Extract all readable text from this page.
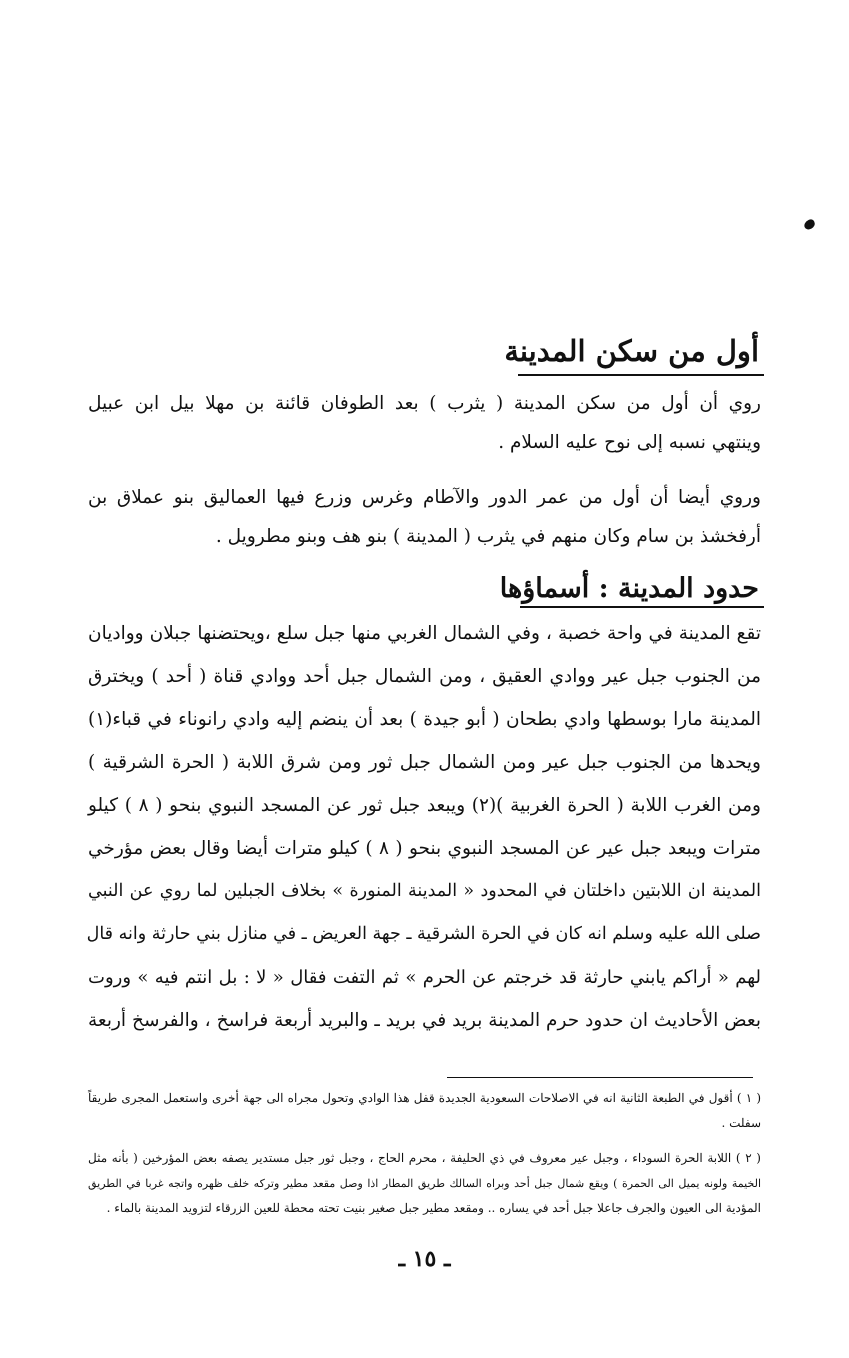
أول من سكن المدينة

روي أن أول من سكن المدينة ( يثرب ) بعد الطوفان قائنة بن مهلا بيل ابن عبيل
وينتهي نسبه إلى نوح عليه السلام .

وروي أيضا أن أول من عمر الدور والآطام وغرس وزرع فيها العماليق بنو عملاق بن
أرفخشذ بن سام وكان منهم في يثرب ( المدينة ) بنو هف وبنو مطرويل .

حدود المدينة : أسماؤها

تقع المدينة في واحة خصبة ، وفي الشمال الغربي منها جبل سلع ،ويحتضنها جبلان وواديان
من الجنوب جبل عير ووادي العقيق ، ومن الشمال جبل أحد ووادي قناة ( أحد ) ويخترق
المدينة مارا بوسطها وادي بطحان ( أبو جيدة ) بعد أن ينضم إليه وادي رانوناء في قباء(١)
ويحدها من الجنوب جبل عير ومن الشمال جبل ثور ومن شرق اللابة ( الحرة الشرقية )
ومن الغرب اللابة ( الحرة الغربية )(٢) ويبعد جبل ثور عن المسجد النبوي بنحو ( ٨ ) كيلو
مترات ويبعد جبل عير عن المسجد النبوي بنحو ( ٨ ) كيلو مترات أيضا وقال بعض مؤرخي
المدينة ان اللابتين داخلتان في المحدود « المدينة المنورة » بخلاف الجبلين لما روي عن النبي
صلى الله عليه وسلم انه كان في الحرة الشرقية ـ جهة العريض ـ في منازل بني حارثة وانه قال
لهم « أراكم يابني حارثة قد خرجتم عن الحرم » ثم التفت فقال « لا : بل انتم فيه » وروت
بعض الأحاديث ان حدود حرم المدينة بريد في بريد ـ والبريد أربعة فراسخ ، والفرسخ أربعة

( ١ ) أقول في الطبعة الثانية انه في الاصلاحات السعودية الجديدة قفل هذا الوادي وتحول مجراه الى جهة أخرى واستعمل المجرى طريقاً
سفلت .
( ٢ ) اللابة الحرة السوداء ، وجبل عير معروف في ذي الحليفة ، محرم الحاج ، وجبل ثور جبل مستدير يصفه بعض المؤرخين ( بأنه مثل
الخيمة ولونه يميل الى الحمرة ) ويقع شمال جبل أحد وبراه السالك طريق المطار اذا وصل مقعد مطير وتركه خلف ظهره واتجه غربا في الطريق
المؤدية الى العيون والجرف جاعلا جبل أحد في يساره .. ومقعد مطير جبل صغير بنيت تحته محطة للعين الزرقاء لتزويد المدينة بالماء .
ـ ١٥ ـ
